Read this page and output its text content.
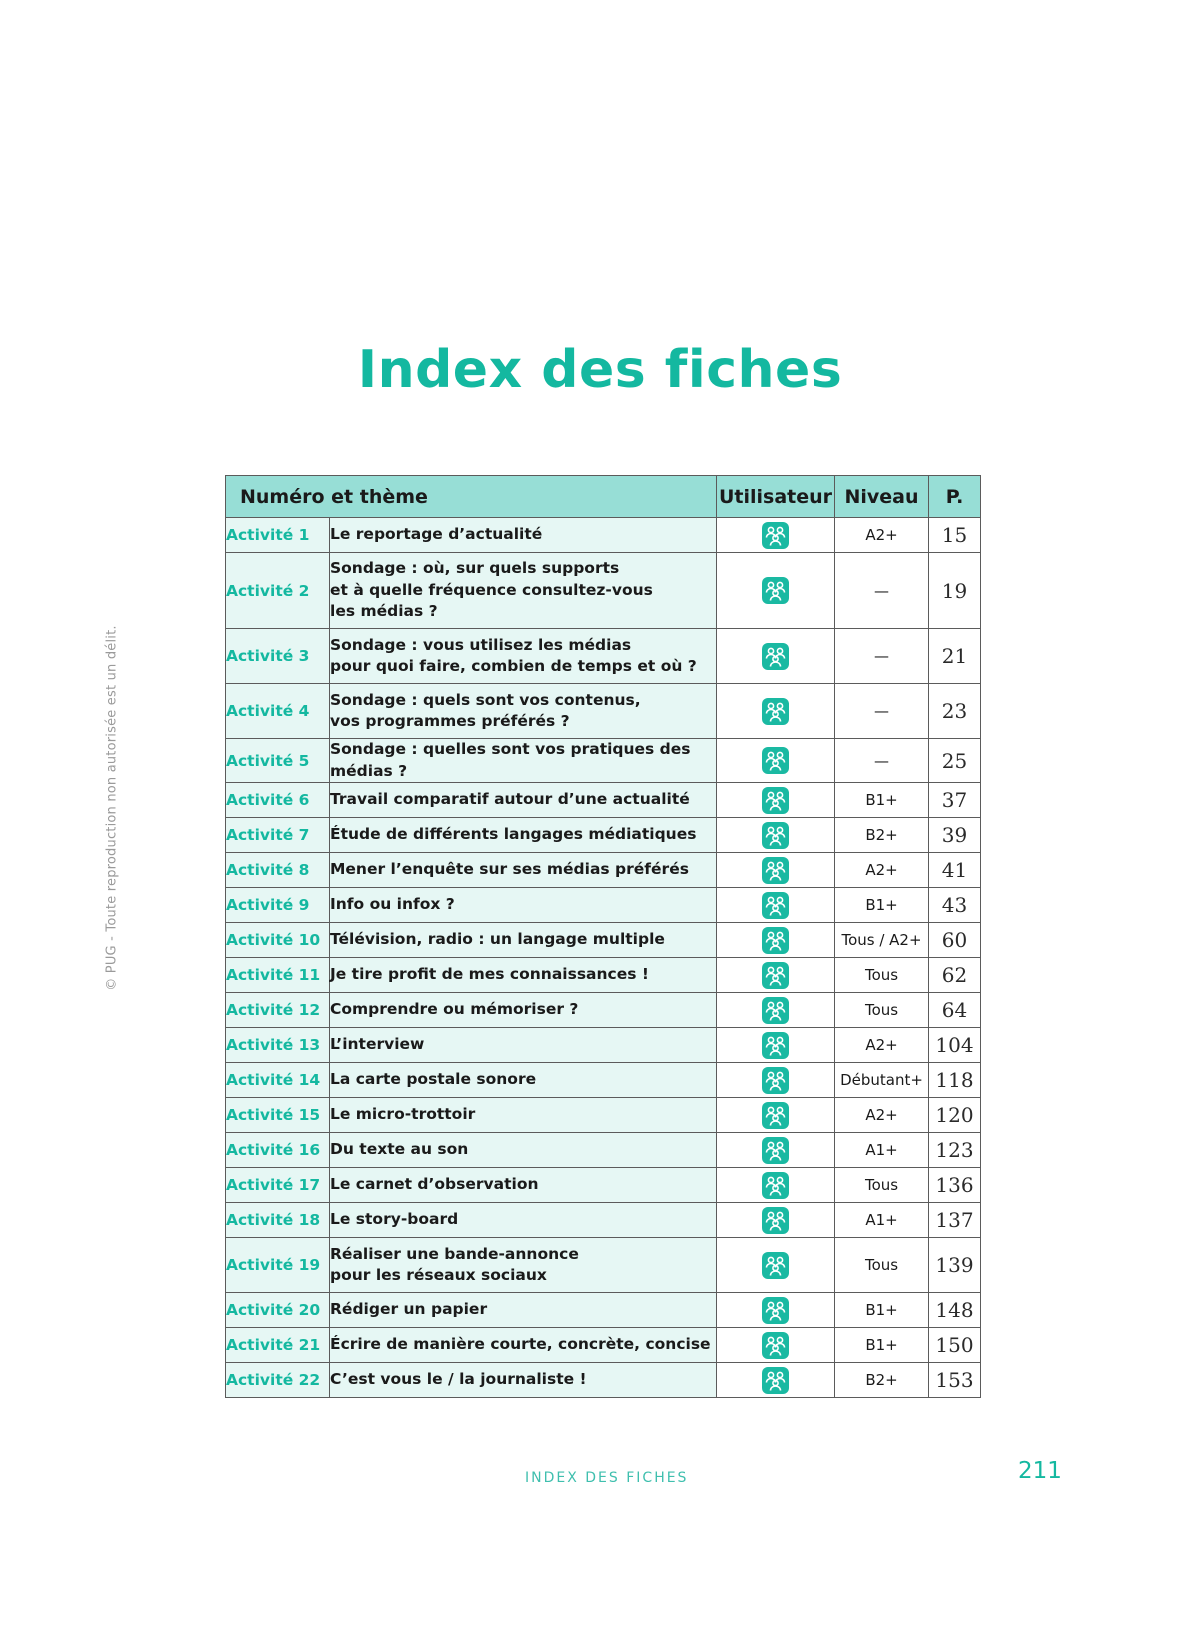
© PUG - Toute reproduction non autorisée est un délit.
Index des fiches
Numéro et thème		Utilisateur	Niveau	P.
Activité 1	Le reportage d’actualité		A2+	15
Activité 2	Sondage : où, sur quels supports
et à quelle fréquence consultez-vous
les médias ?		—	19
Activité 3	Sondage : vous utilisez les médias
pour quoi faire, combien de temps et où ?		—	21
Activité 4	Sondage : quels sont vos contenus,
vos programmes préférés ?		—	23
Activité 5	Sondage : quelles sont vos pratiques des médias ?		—	25
Activité 6	Travail comparatif autour d’une actualité		B1+	37
Activité 7	Étude de différents langages médiatiques		B2+	39
Activité 8	Mener l’enquête sur ses médias préférés		A2+	41
Activité 9	Info ou infox ?		B1+	43
Activité 10	Télévision, radio : un langage multiple		Tous / A2+	60
Activité 11	Je tire profit de mes connaissances !		Tous	62
Activité 12	Comprendre ou mémoriser ?		Tous	64
Activité 13	L’interview		A2+	104
Activité 14	La carte postale sonore		Débutant+	118
Activité 15	Le micro-trottoir		A2+	120
Activité 16	Du texte au son		A1+	123
Activité 17	Le carnet d’observation		Tous	136
Activité 18	Le story-board		A1+	137
Activité 19	Réaliser une bande-annonce
pour les réseaux sociaux		Tous	139
Activité 20	Rédiger un papier		B1+	148
Activité 21	Écrire de manière courte, concrète, concise		B1+	150
Activité 22	C’est vous le / la journaliste !		B2+	153
INDEX DES FICHES	211
